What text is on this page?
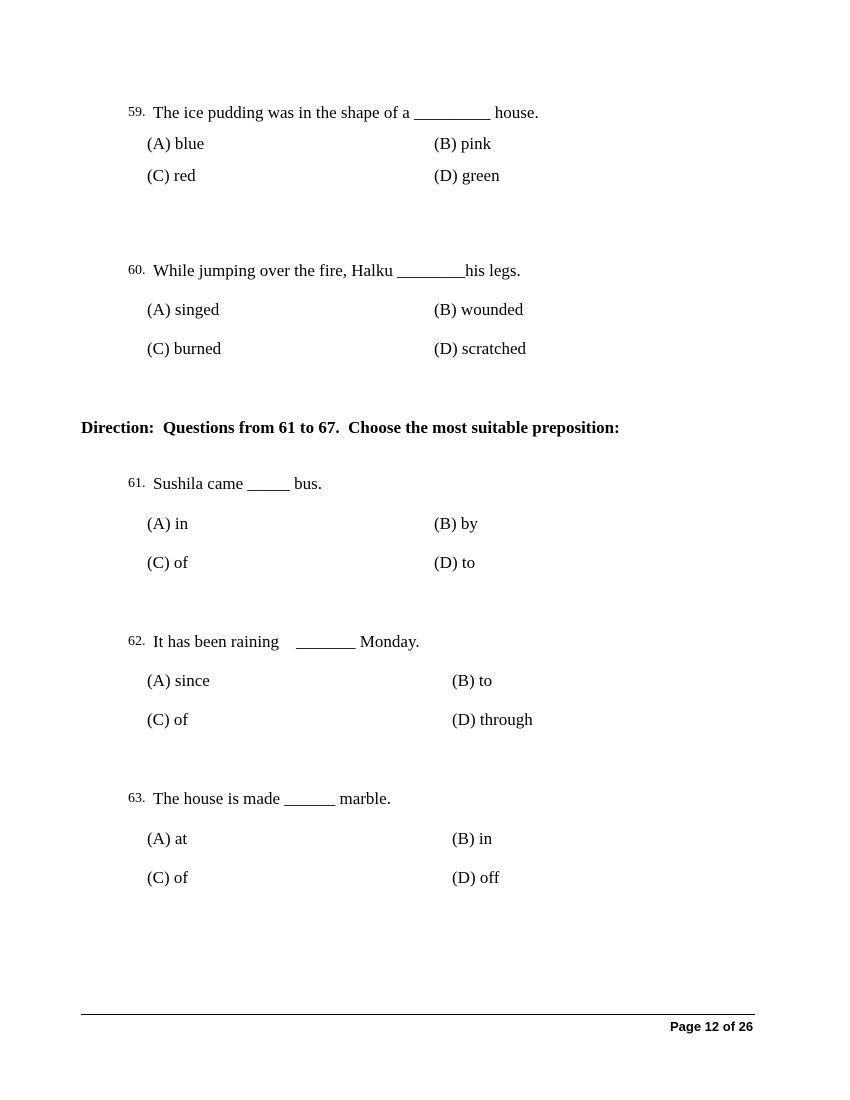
59. The ice pudding was in the shape of a _________ house.
(A) blue	(B) pink
(C) red	(D) green
60. While jumping over the fire, Halku ________his legs.
(A) singed	(B) wounded
(C) burned	(D) scratched
Direction:  Questions from 61 to 67.  Choose the most suitable preposition:
61. Sushila came _____ bus.
(A) in	(B) by
(C) of	(D) to
62. It has been raining    _______ Monday.
(A) since	(B) to
(C) of	(D) through
63. The house is made ______ marble.
(A) at	(B) in
(C) of	(D) off
Page 12 of 26
